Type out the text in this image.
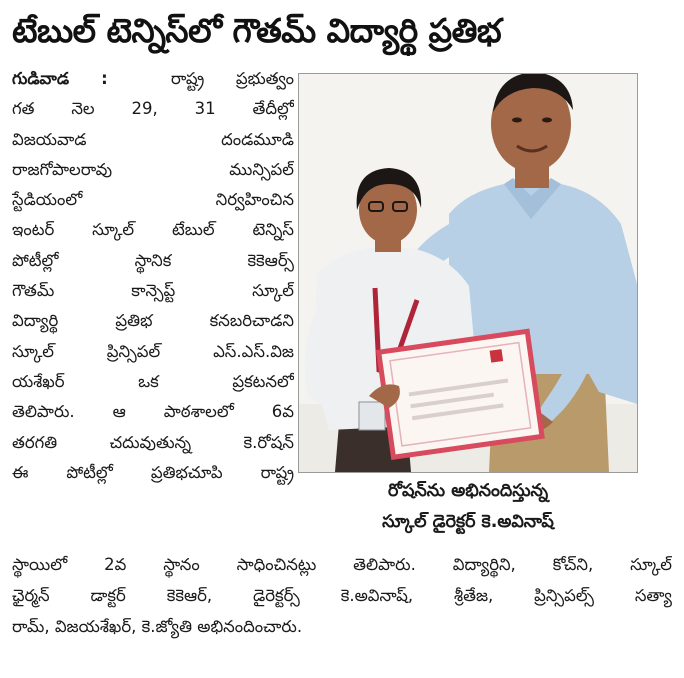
టేబుల్ టెన్నిస్‌లో గౌతమ్ విద్యార్థి ప్రతిభ
గుడివాడ :	రాష్ట్ర ప్రభుత్వం
గత నెల 29, 31 తేదీల్లో
విజయవాడ దండమూడి
రాజగోపాలరావు మున్సిపల్
స్టేడియంలో నిర్వహించిన
ఇంటర్ స్కూల్ టేబుల్ టెన్నిస్
పోటీల్లో స్థానిక కెకెఆర్స్
గౌతమ్ కాన్సెప్ట్ స్కూల్
విద్యార్థి ప్రతిభ కనబరిచాడని
స్కూల్ ప్రిన్సిపల్ ఎస్.ఎస్.విజ
యశేఖర్ ఒక ప్రకటనలో
తెలిపారు. ఆ పాఠశాలలో 6వ
తరగతి చదువుతున్న కె.రోషన్
ఈ పోటీల్లో ప్రతిభచూపి రాష్ట్ర
రోషన్‌ను అభినందిస్తున్న
స్కూల్ డైరెక్టర్ కె.అవినాష్
స్థాయిలో 2వ స్థానం సాధించినట్లు తెలిపారు. విద్యార్థిని, కోచ్‌ని, స్కూల్
ఛైర్మన్ డాక్టర్ కెకెఆర్, డైరెక్టర్స్ కె.అవినాష్, శ్రీతేజ, ప్రిన్సిపల్స్ సత్యా
రామ్, విజయశేఖర్, కె.జ్యోతి అభినందించారు.
